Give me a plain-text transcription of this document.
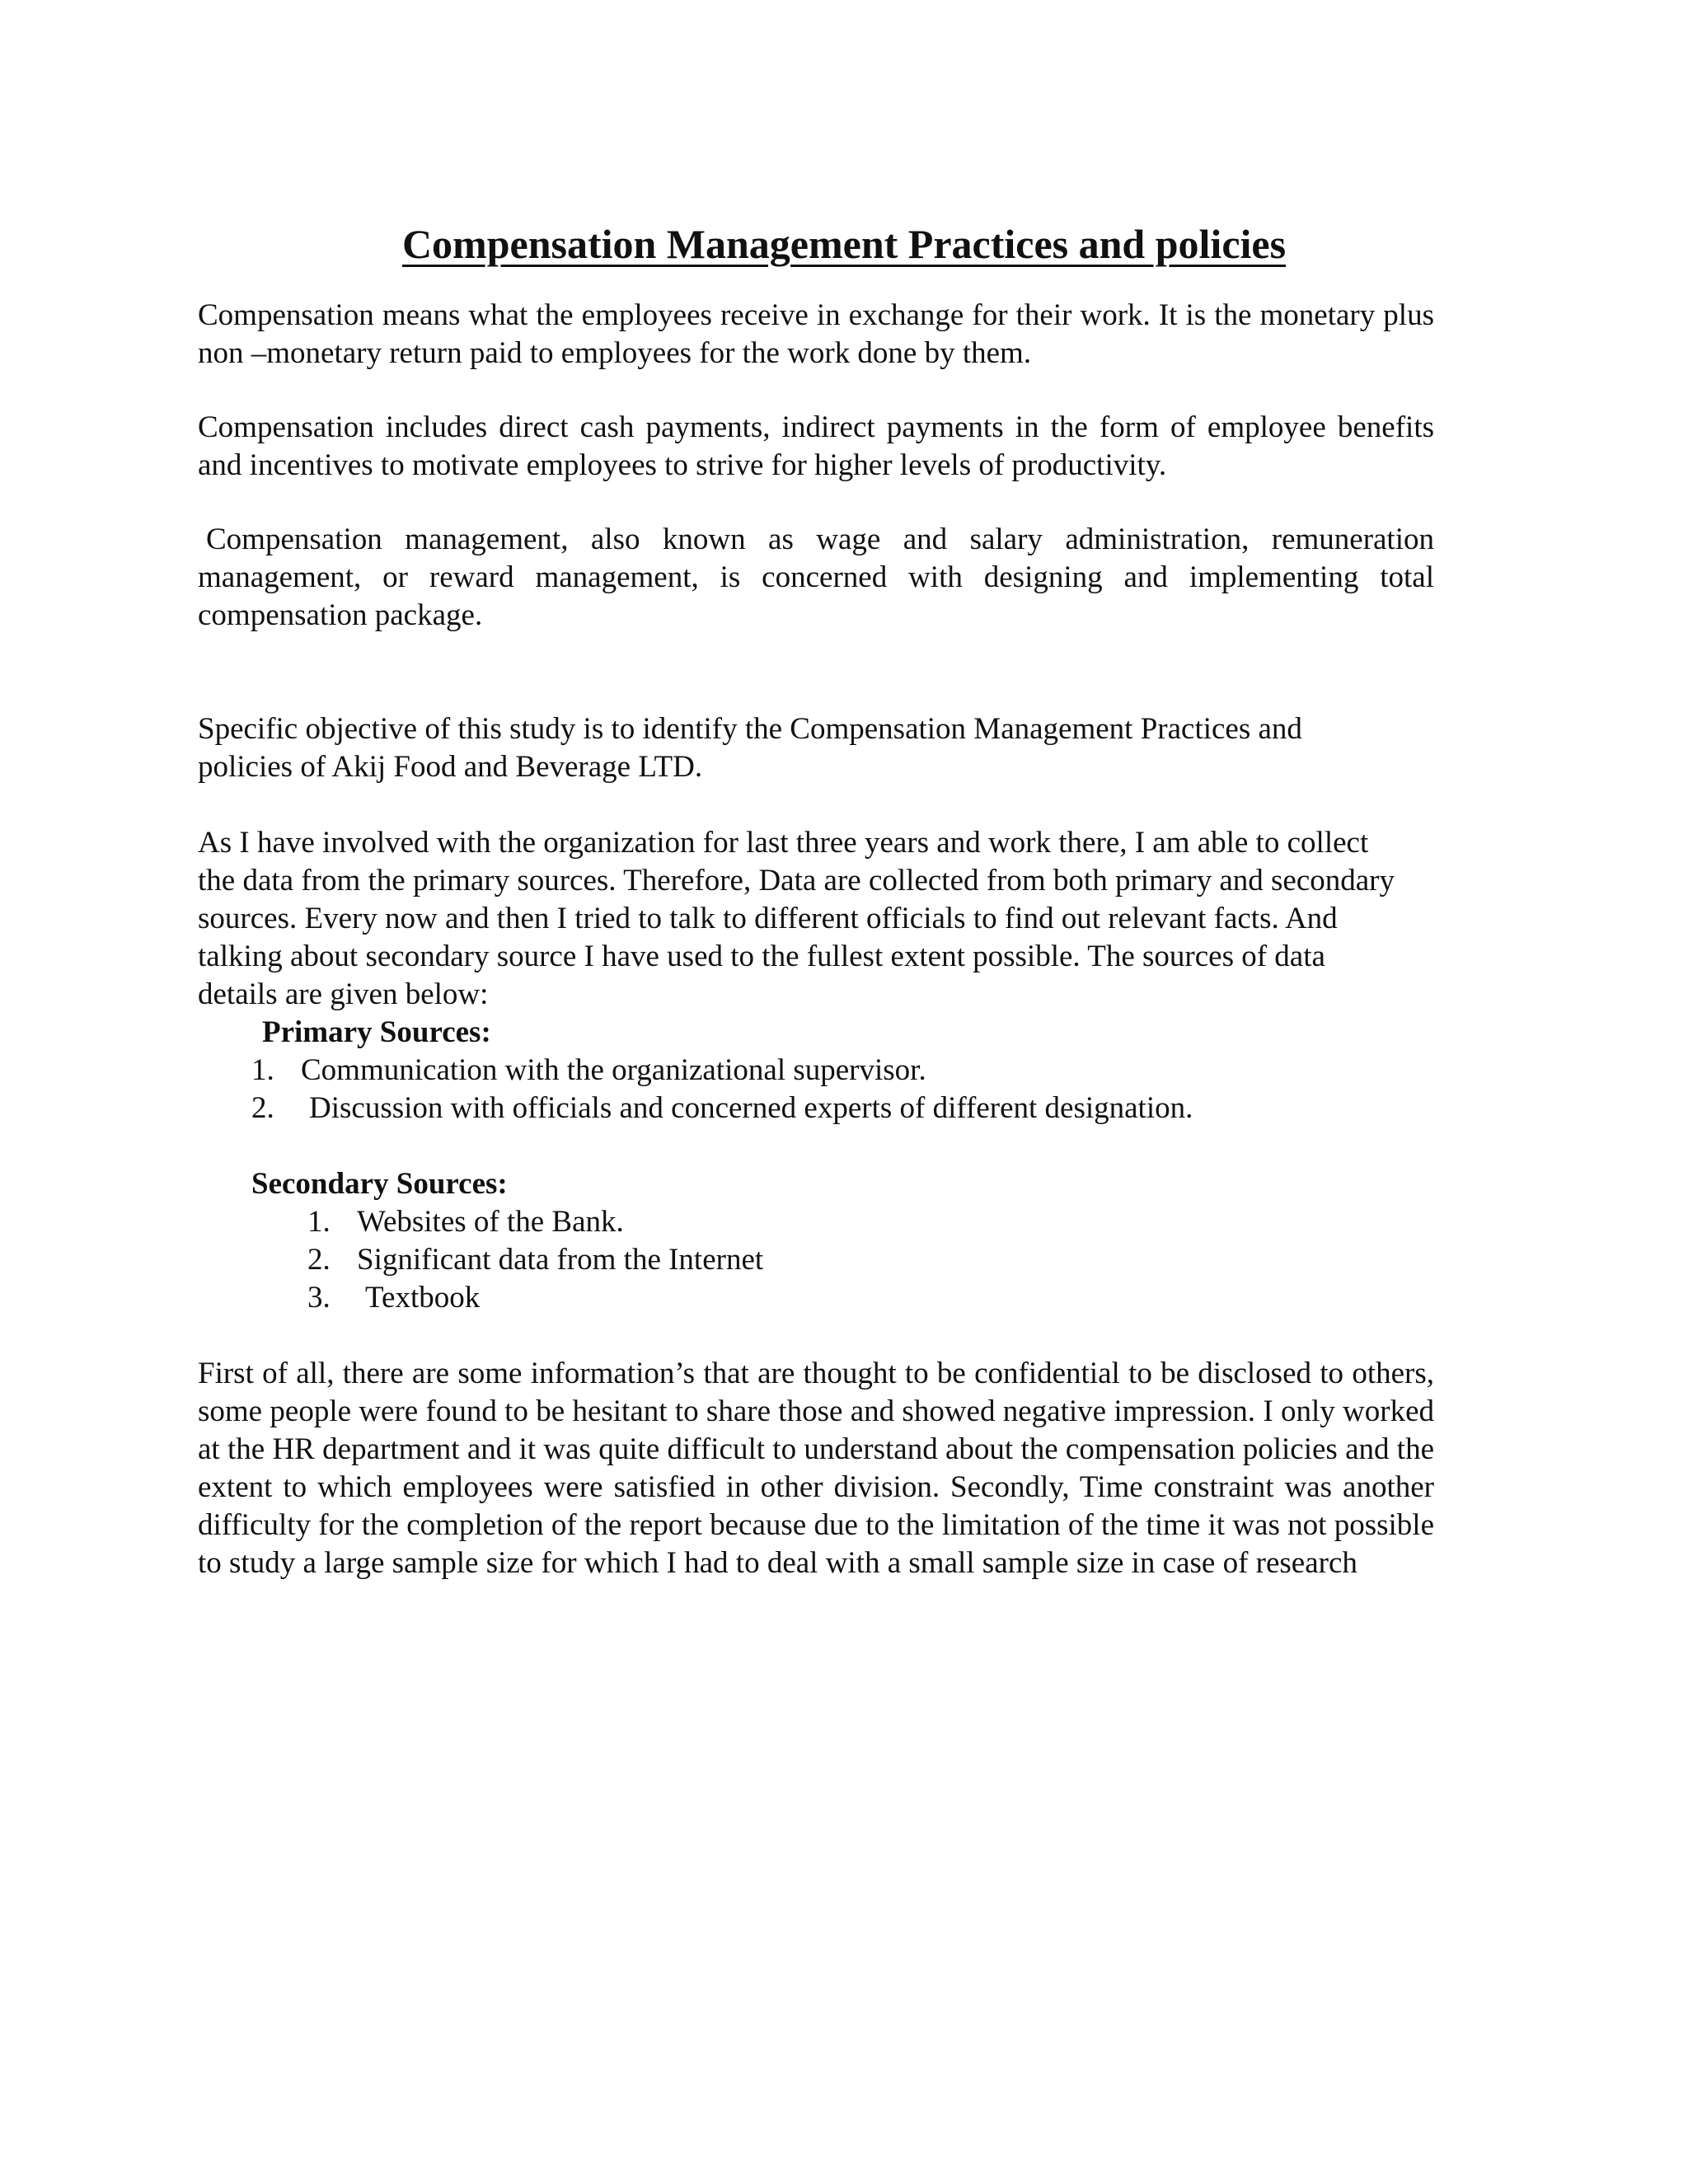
Compensation Management Practices and policies

Compensation means what the employees receive in exchange for their work. It is the monetary plus non –monetary return paid to employees for the work done by them.

Compensation includes direct cash payments, indirect payments in the form of employee benefits and incentives to motivate employees to strive for higher levels of productivity.

Compensation management, also known as wage and salary administration, remuneration management, or reward management, is concerned with designing and implementing total compensation package.

Specific objective of this study is to identify the Compensation Management Practices and policies of Akij Food and Beverage LTD.

As I have involved with the organization for last three years and work there, I am able to collect the data from the primary sources. Therefore, Data are collected from both primary and secondary sources. Every now and then I tried to talk to different officials to find out relevant facts. And talking about secondary source I have used to the fullest extent possible. The sources of data details are given below:

Primary Sources:

1. Communication with the organizational supervisor.
2.	Discussion with officials and concerned experts of different designation.

Secondary Sources:

1. Websites of the Bank.
2. Significant data from the Internet
3.	Textbook

First of all, there are some information’s that are thought to be confidential to be disclosed to others, some people were found to be hesitant to share those and showed negative impression. I only worked at the HR department and it was quite difficult to understand about the compensation policies and the extent to which employees were satisfied in other division. Secondly, Time constraint was another difficulty for the completion of the report because due to the limitation of the time it was not possible to study a large sample size for which I had to deal with a small sample size in case of research
